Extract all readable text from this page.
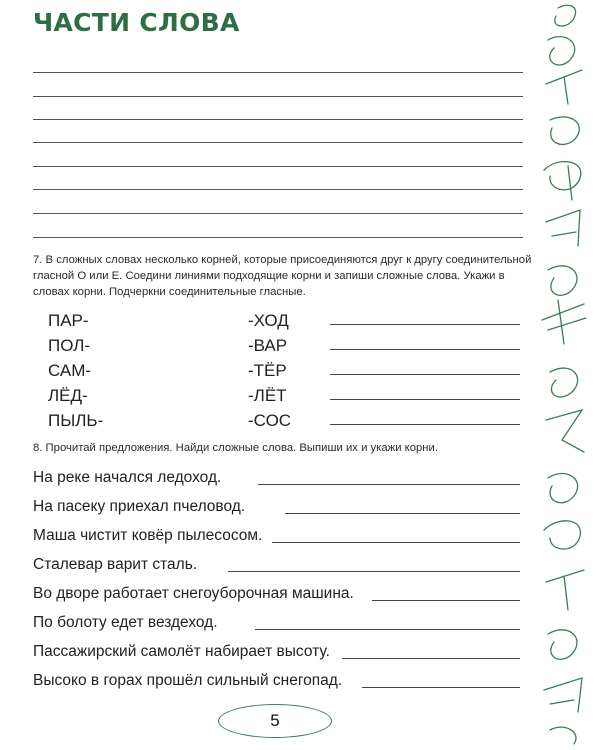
ЧАСТИ СЛОВА

7. В сложных словах несколько корней, которые присоединяются друг к другу соединительной гласной О или Е. Соедини линиями подходящие корни и запиши сложные слова. Укажи в словах корни. Подчеркни соединительные гласные.

ПАР-
ПОЛ-
САМ-
ЛЁД-
ПЫЛЬ-
-ХОД
-ВАР
-ТЁР
-ЛЁТ
-СОС

8. Прочитай предложения. Найди сложные слова. Выпиши их и укажи корни.

На реке начался ледоход.
На пасеку приехал пчеловод.
Маша чистит ковёр пылесосом.
Сталевар варит сталь.
Во дворе работает снегоуборочная машина.
По болоту едет вездеход.
Пассажирский самолёт набирает высоту.
Высоко в горах прошёл сильный снегопад.
5
